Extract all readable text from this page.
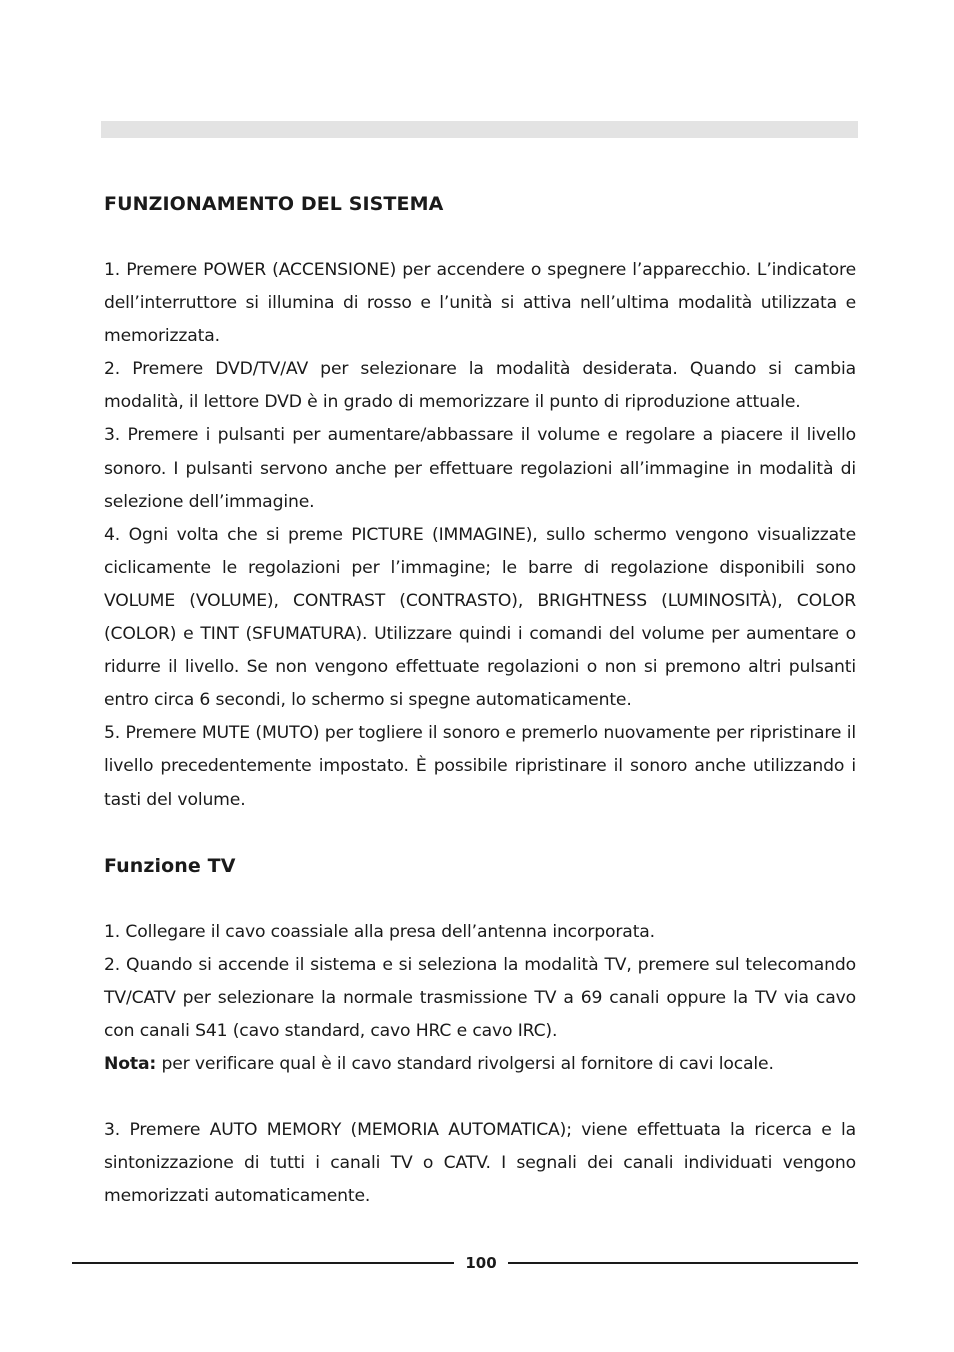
FUNZIONAMENTO DEL SISTEMA

1. Premere POWER (ACCENSIONE) per accendere o spegnere l’apparecchio. L’indicatore dell’interruttore si illumina di rosso e l’unità si attiva nell’ultima modalità utilizzata e memorizzata.

2. Premere DVD/TV/AV per selezionare la modalità desiderata. Quando si cambia modalità, il lettore DVD è in grado di memorizzare il punto di riproduzione attuale.

3. Premere i pulsanti per aumentare/abbassare il volume e regolare a piacere il livello sonoro. I pulsanti servono anche per effettuare regolazioni all’immagine in modalità di selezione dell’immagine.

4. Ogni volta che si preme PICTURE (IMMAGINE), sullo schermo vengono visualizzate ciclicamente le regolazioni per l’immagine; le barre di regolazione disponibili sono VOLUME (VOLUME), CONTRAST (CONTRASTO), BRIGHTNESS (LUMINOSITÀ), COLOR (COLOR) e TINT (SFUMATURA). Utilizzare quindi i comandi del volume per aumentare o ridurre il livello. Se non vengono effettuate regolazioni o non si premono altri pulsanti entro circa 6 secondi, lo schermo si spegne automaticamente.

5. Premere MUTE (MUTO) per togliere il sonoro e premerlo nuovamente per ripristinare il livello precedentemente impostato. È possibile ripristinare il sonoro anche utilizzando i tasti del volume.

Funzione TV

1. Collegare il cavo coassiale alla presa dell’antenna incorporata.

2. Quando si accende il sistema e si seleziona la modalità TV, premere sul telecomando TV/CATV per selezionare la normale trasmissione TV a 69 canali oppure la TV via cavo con canali S41 (cavo standard, cavo HRC e cavo IRC).

Nota: per verificare qual è il cavo standard rivolgersi al fornitore di cavi locale.

3. Premere AUTO MEMORY (MEMORIA AUTOMATICA); viene effettuata la ricerca e la sintonizzazione di tutti i canali TV o CATV. I segnali dei canali individuati vengono memorizzati automaticamente.

100
